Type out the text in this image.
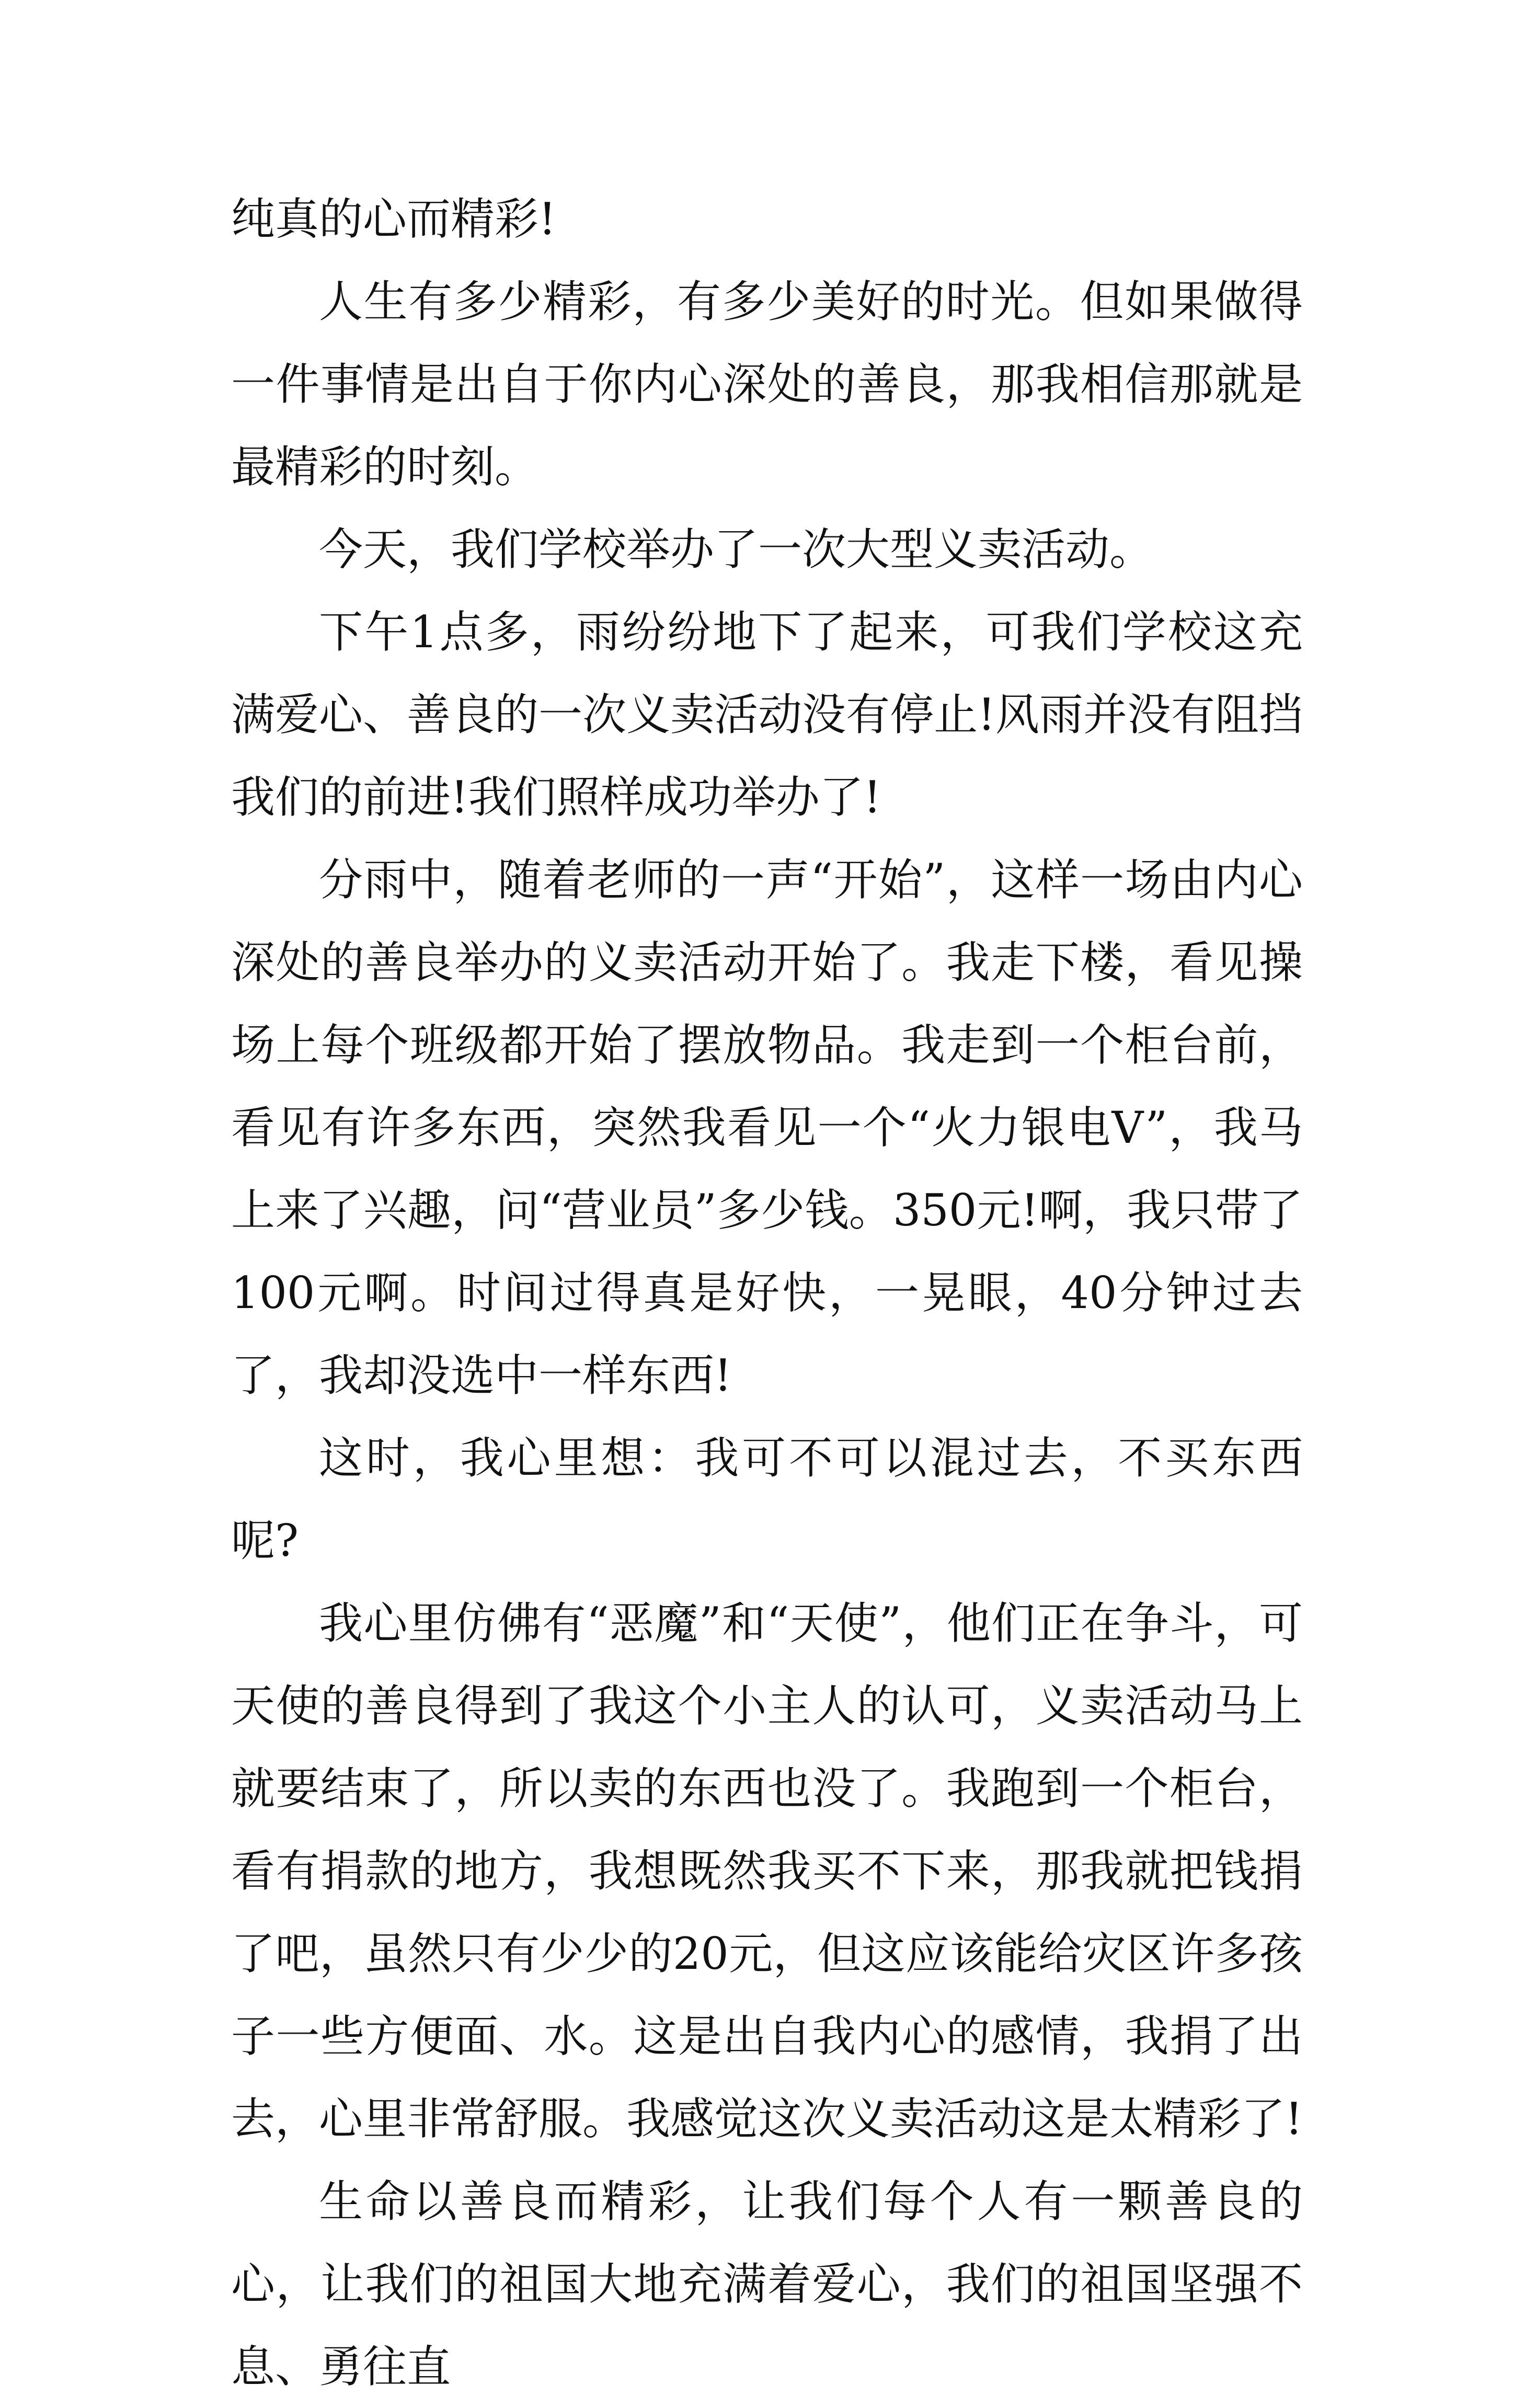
纯真的心而精彩!

人生有多少精彩，有多少美好的时光。但如果做得一件事情是出自于你内心深处的善良，那我相信那就是最精彩的时刻。

今天，我们学校举办了一次大型义卖活动。

下午1点多，雨纷纷地下了起来，可我们学校这充满爱心、善良的一次义卖活动没有停止!风雨并没有阻挡我们的前进!我们照样成功举办了!

分雨中，随着老师的一声“开始”，这样一场由内心深处的善良举办的义卖活动开始了。我走下楼，看见操场上每个班级都开始了摆放物品。我走到一个柜台前，看见有许多东西，突然我看见一个“火力银电V”，我马上来了兴趣，问“营业员”多少钱。350元!啊，我只带了100元啊。时间过得真是好快，一晃眼，40分钟过去了，我却没选中一样东西!

这时，我心里想：我可不可以混过去，不买东西呢?

我心里仿佛有“恶魔”和“天使”，他们正在争斗，可天使的善良得到了我这个小主人的认可，义卖活动马上就要结束了，所以卖的东西也没了。我跑到一个柜台，看有捐款的地方，我想既然我买不下来，那我就把钱捐了吧，虽然只有少少的20元，但这应该能给灾区许多孩子一些方便面、水。这是出自我内心的感情，我捐了出去，心里非常舒服。我感觉这次义卖活动这是太精彩了!

生命以善良而精彩，让我们每个人有一颗善良的心，让我们的祖国大地充满着爱心，我们的祖国坚强不息、勇往直
